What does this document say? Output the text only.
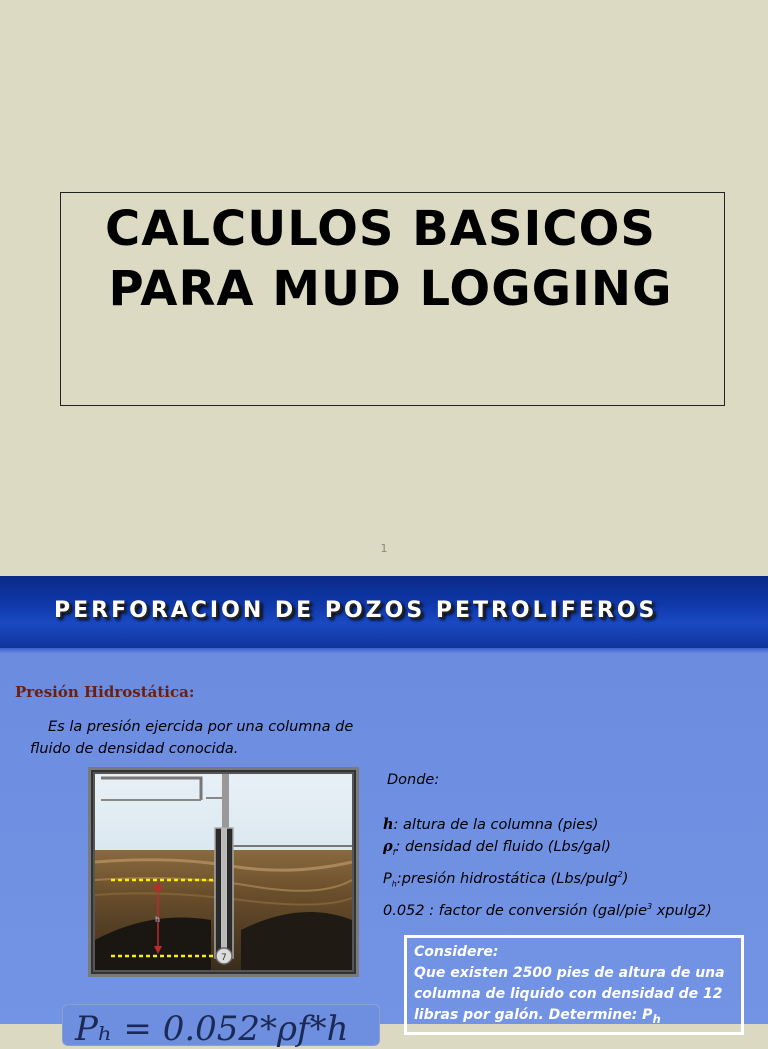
CALCULOS BASICOS
PARA MUD LOGGING
1
PERFORACION DE POZOS PETROLIFEROS
Presión Hidrostática:
Es la presión ejercida por una columna de fluido de densidad conocida.
h
7
Donde:
h: altura de la columna (pies)
$\rho_f$: densidad del fluido (Lbs/gal)
$P_h:presión$ hidrostática (Lbs/pulg$^2$)
0.052 : factor de conversión (gal/pie$^3$ xpulg2)
Considere:
Que existen 2500 pies de altura de una columna de liquido con densidad de 12 libras por galón. Determine: $P_h$
Pₕ = 0.052*ρf*h
